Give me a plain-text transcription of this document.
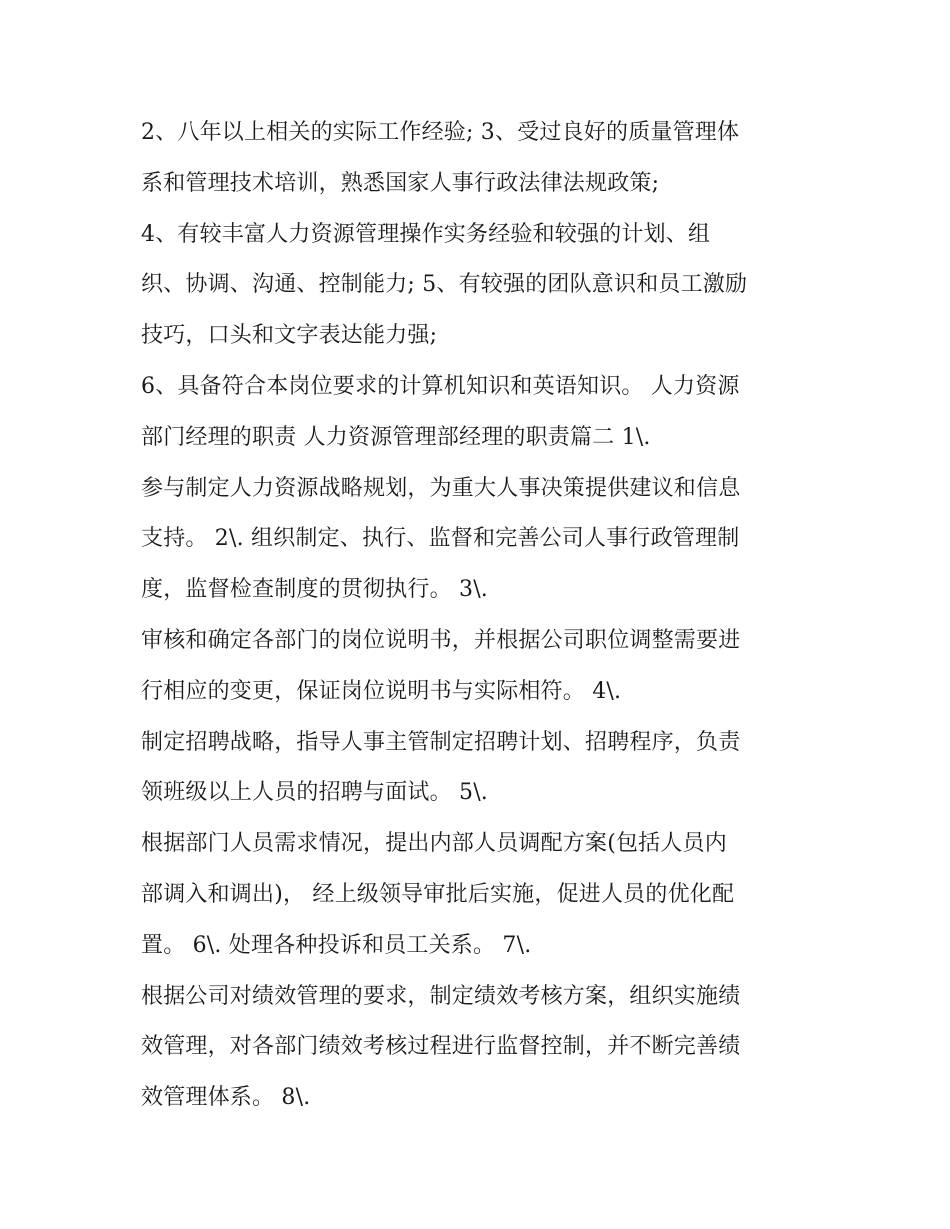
2、八年以上相关的实际工作经验; 3、受过良好的质量管理体
系和管理技术培训，熟悉国家人事行政法律法规政策;
4、有较丰富人力资源管理操作实务经验和较强的计划、组
织、协调、沟通、控制能力; 5、有较强的团队意识和员工激励
技巧，口头和文字表达能力强;
6、具备符合本岗位要求的计算机知识和英语知识。 人力资源
部门经理的职责 人力资源管理部经理的职责篇二 1\.
参与制定人力资源战略规划，为重大人事决策提供建议和信息
支持。 2\. 组织制定、执行、监督和完善公司人事行政管理制
度，监督检查制度的贯彻执行。 3\.
审核和确定各部门的岗位说明书，并根据公司职位调整需要进
行相应的变更，保证岗位说明书与实际相符。 4\.
制定招聘战略，指导人事主管制定招聘计划、招聘程序，负责
领班级以上人员的招聘与面试。 5\.
根据部门人员需求情况，提出内部人员调配方案(包括人员内
部调入和调出)， 经上级领导审批后实施，促进人员的优化配
置。 6\. 处理各种投诉和员工关系。 7\.
根据公司对绩效管理的要求，制定绩效考核方案，组织实施绩
效管理，对各部门绩效考核过程进行监督控制，并不断完善绩
效管理体系。 8\.
